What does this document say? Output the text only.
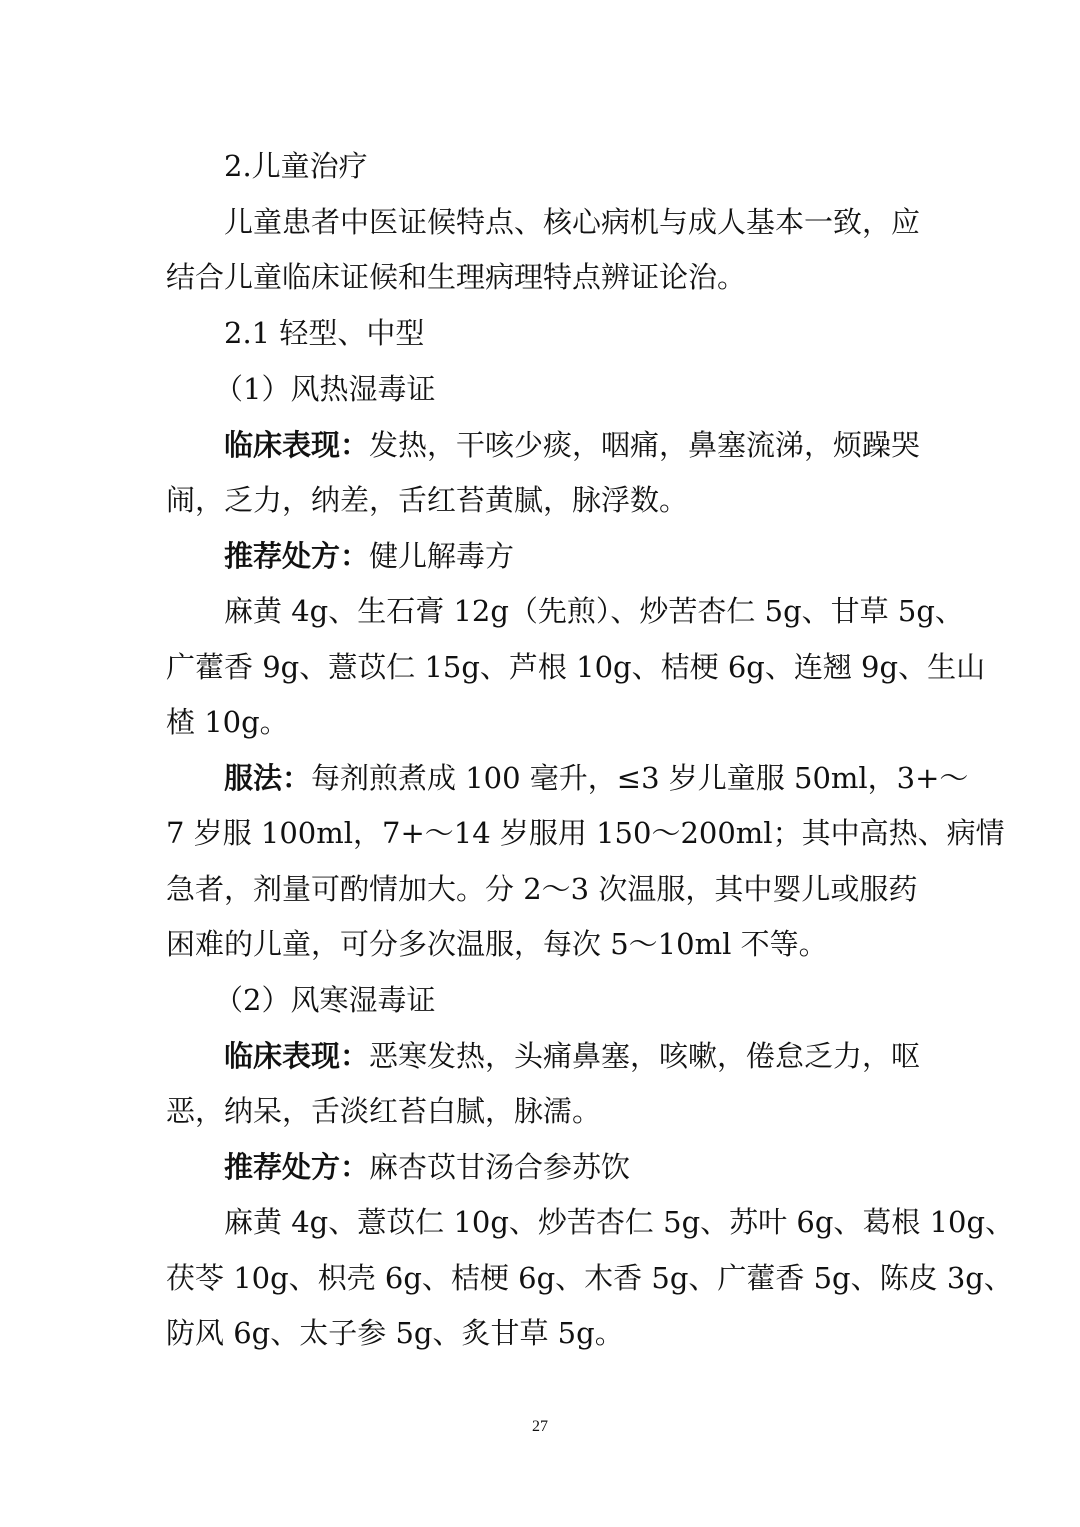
2.儿童治疗
儿童患者中医证候特点、核心病机与成人基本一致，应
结合儿童临床证候和生理病理特点辨证论治。
2.1 轻型、中型
（1）风热湿毒证
临床表现：发热，干咳少痰，咽痛，鼻塞流涕，烦躁哭
闹，乏力，纳差，舌红苔黄腻，脉浮数。
推荐处方：健儿解毒方
麻黄 4g、生石膏 12g（先煎）、炒苦杏仁 5g、甘草 5g、
广藿香 9g、薏苡仁 15g、芦根 10g、桔梗 6g、连翘 9g、生山
楂 10g。
服法：每剂煎煮成 100 毫升，≤3 岁儿童服 50ml，3+～
7 岁服 100ml，7+～14 岁服用 150～200ml；其中高热、病情
急者，剂量可酌情加大。分 2～3 次温服，其中婴儿或服药
困难的儿童，可分多次温服，每次 5～10ml 不等。
（2）风寒湿毒证
临床表现：恶寒发热，头痛鼻塞，咳嗽，倦怠乏力，呕
恶，纳呆，舌淡红苔白腻，脉濡。
推荐处方：麻杏苡甘汤合参苏饮
麻黄 4g、薏苡仁 10g、炒苦杏仁 5g、苏叶 6g、葛根 10g、
茯苓 10g、枳壳 6g、桔梗 6g、木香 5g、广藿香 5g、陈皮 3g、
防风 6g、太子参 5g、炙甘草 5g。
27
